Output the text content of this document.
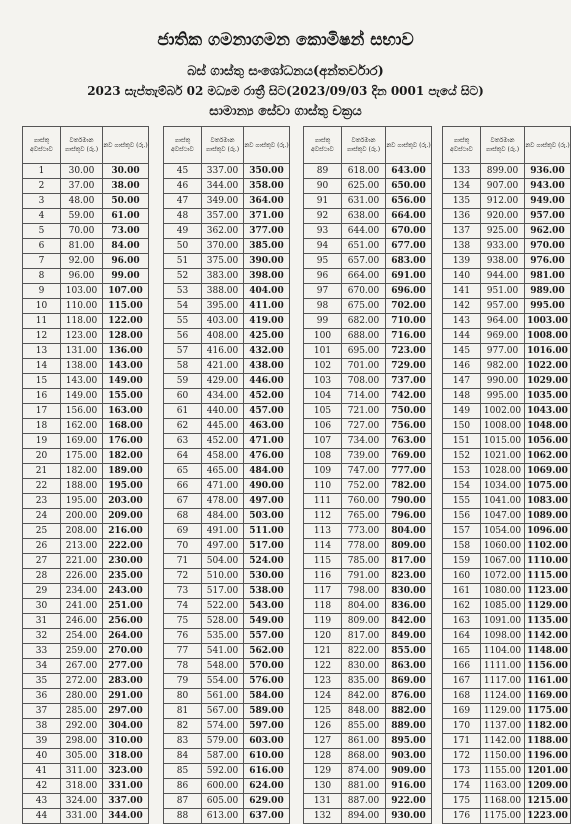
ජාතික ගමනාගමන කොමිෂන් සභාව
බස් ගාස්තු සංශෝධනය(අන්තර්වාර)
2023 සැප්තැම්බර් 02 මධ්‍යම රාත්‍රී සිට(2023/09/03 දින 0001 පැයේ සිට)
සාමාන්‍ය සේවා ගාස්තු චක්‍රය
ගාස්තු අවස්ථාව	වර්තමාන ගාස්තුව (රු.)	නව ගාස්තුව (රු.)
1	30.00	30.00
2	37.00	38.00
3	48.00	50.00
4	59.00	61.00
5	70.00	73.00
6	81.00	84.00
7	92.00	96.00
8	96.00	99.00
9	103.00	107.00
10	110.00	115.00
11	118.00	122.00
12	123.00	128.00
13	131.00	136.00
14	138.00	143.00
15	143.00	149.00
16	149.00	155.00
17	156.00	163.00
18	162.00	168.00
19	169.00	176.00
20	175.00	182.00
21	182.00	189.00
22	188.00	195.00
23	195.00	203.00
24	200.00	209.00
25	208.00	216.00
26	213.00	222.00
27	221.00	230.00
28	226.00	235.00
29	234.00	243.00
30	241.00	251.00
31	246.00	256.00
32	254.00	264.00
33	259.00	270.00
34	267.00	277.00
35	272.00	283.00
36	280.00	291.00
37	285.00	297.00
38	292.00	304.00
39	298.00	310.00
40	305.00	318.00
41	311.00	323.00
42	318.00	331.00
43	324.00	337.00
44	331.00	344.00
ගාස්තු අවස්ථාව	වර්තමාන ගාස්තුව (රු.)	නව ගාස්තුව (රු.)
45	337.00	350.00
46	344.00	358.00
47	349.00	364.00
48	357.00	371.00
49	362.00	377.00
50	370.00	385.00
51	375.00	390.00
52	383.00	398.00
53	388.00	404.00
54	395.00	411.00
55	403.00	419.00
56	408.00	425.00
57	416.00	432.00
58	421.00	438.00
59	429.00	446.00
60	434.00	452.00
61	440.00	457.00
62	445.00	463.00
63	452.00	471.00
64	458.00	476.00
65	465.00	484.00
66	471.00	490.00
67	478.00	497.00
68	484.00	503.00
69	491.00	511.00
70	497.00	517.00
71	504.00	524.00
72	510.00	530.00
73	517.00	538.00
74	522.00	543.00
75	528.00	549.00
76	535.00	557.00
77	541.00	562.00
78	548.00	570.00
79	554.00	576.00
80	561.00	584.00
81	567.00	589.00
82	574.00	597.00
83	579.00	603.00
84	587.00	610.00
85	592.00	616.00
86	600.00	624.00
87	605.00	629.00
88	613.00	637.00
ගාස්තු අවස්ථාව	වර්තමාන ගාස්තුව (රු.)	නව ගාස්තුව (රු.)
89	618.00	643.00
90	625.00	650.00
91	631.00	656.00
92	638.00	664.00
93	644.00	670.00
94	651.00	677.00
95	657.00	683.00
96	664.00	691.00
97	670.00	696.00
98	675.00	702.00
99	682.00	710.00
100	688.00	716.00
101	695.00	723.00
102	701.00	729.00
103	708.00	737.00
104	714.00	742.00
105	721.00	750.00
106	727.00	756.00
107	734.00	763.00
108	739.00	769.00
109	747.00	777.00
110	752.00	782.00
111	760.00	790.00
112	765.00	796.00
113	773.00	804.00
114	778.00	809.00
115	785.00	817.00
116	791.00	823.00
117	798.00	830.00
118	804.00	836.00
119	809.00	842.00
120	817.00	849.00
121	822.00	855.00
122	830.00	863.00
123	835.00	869.00
124	842.00	876.00
125	848.00	882.00
126	855.00	889.00
127	861.00	895.00
128	868.00	903.00
129	874.00	909.00
130	881.00	916.00
131	887.00	922.00
132	894.00	930.00
ගාස්තු අවස්ථාව	වර්තමාන ගාස්තුව (රු.)	නව ගාස්තුව (රු.)
133	899.00	936.00
134	907.00	943.00
135	912.00	949.00
136	920.00	957.00
137	925.00	962.00
138	933.00	970.00
139	938.00	976.00
140	944.00	981.00
141	951.00	989.00
142	957.00	995.00
143	964.00	1003.00
144	969.00	1008.00
145	977.00	1016.00
146	982.00	1022.00
147	990.00	1029.00
148	995.00	1035.00
149	1002.00	1043.00
150	1008.00	1048.00
151	1015.00	1056.00
152	1021.00	1062.00
153	1028.00	1069.00
154	1034.00	1075.00
155	1041.00	1083.00
156	1047.00	1089.00
157	1054.00	1096.00
158	1060.00	1102.00
159	1067.00	1110.00
160	1072.00	1115.00
161	1080.00	1123.00
162	1085.00	1129.00
163	1091.00	1135.00
164	1098.00	1142.00
165	1104.00	1148.00
166	1111.00	1156.00
167	1117.00	1161.00
168	1124.00	1169.00
169	1129.00	1175.00
170	1137.00	1182.00
171	1142.00	1188.00
172	1150.00	1196.00
173	1155.00	1201.00
174	1163.00	1209.00
175	1168.00	1215.00
176	1175.00	1223.00
